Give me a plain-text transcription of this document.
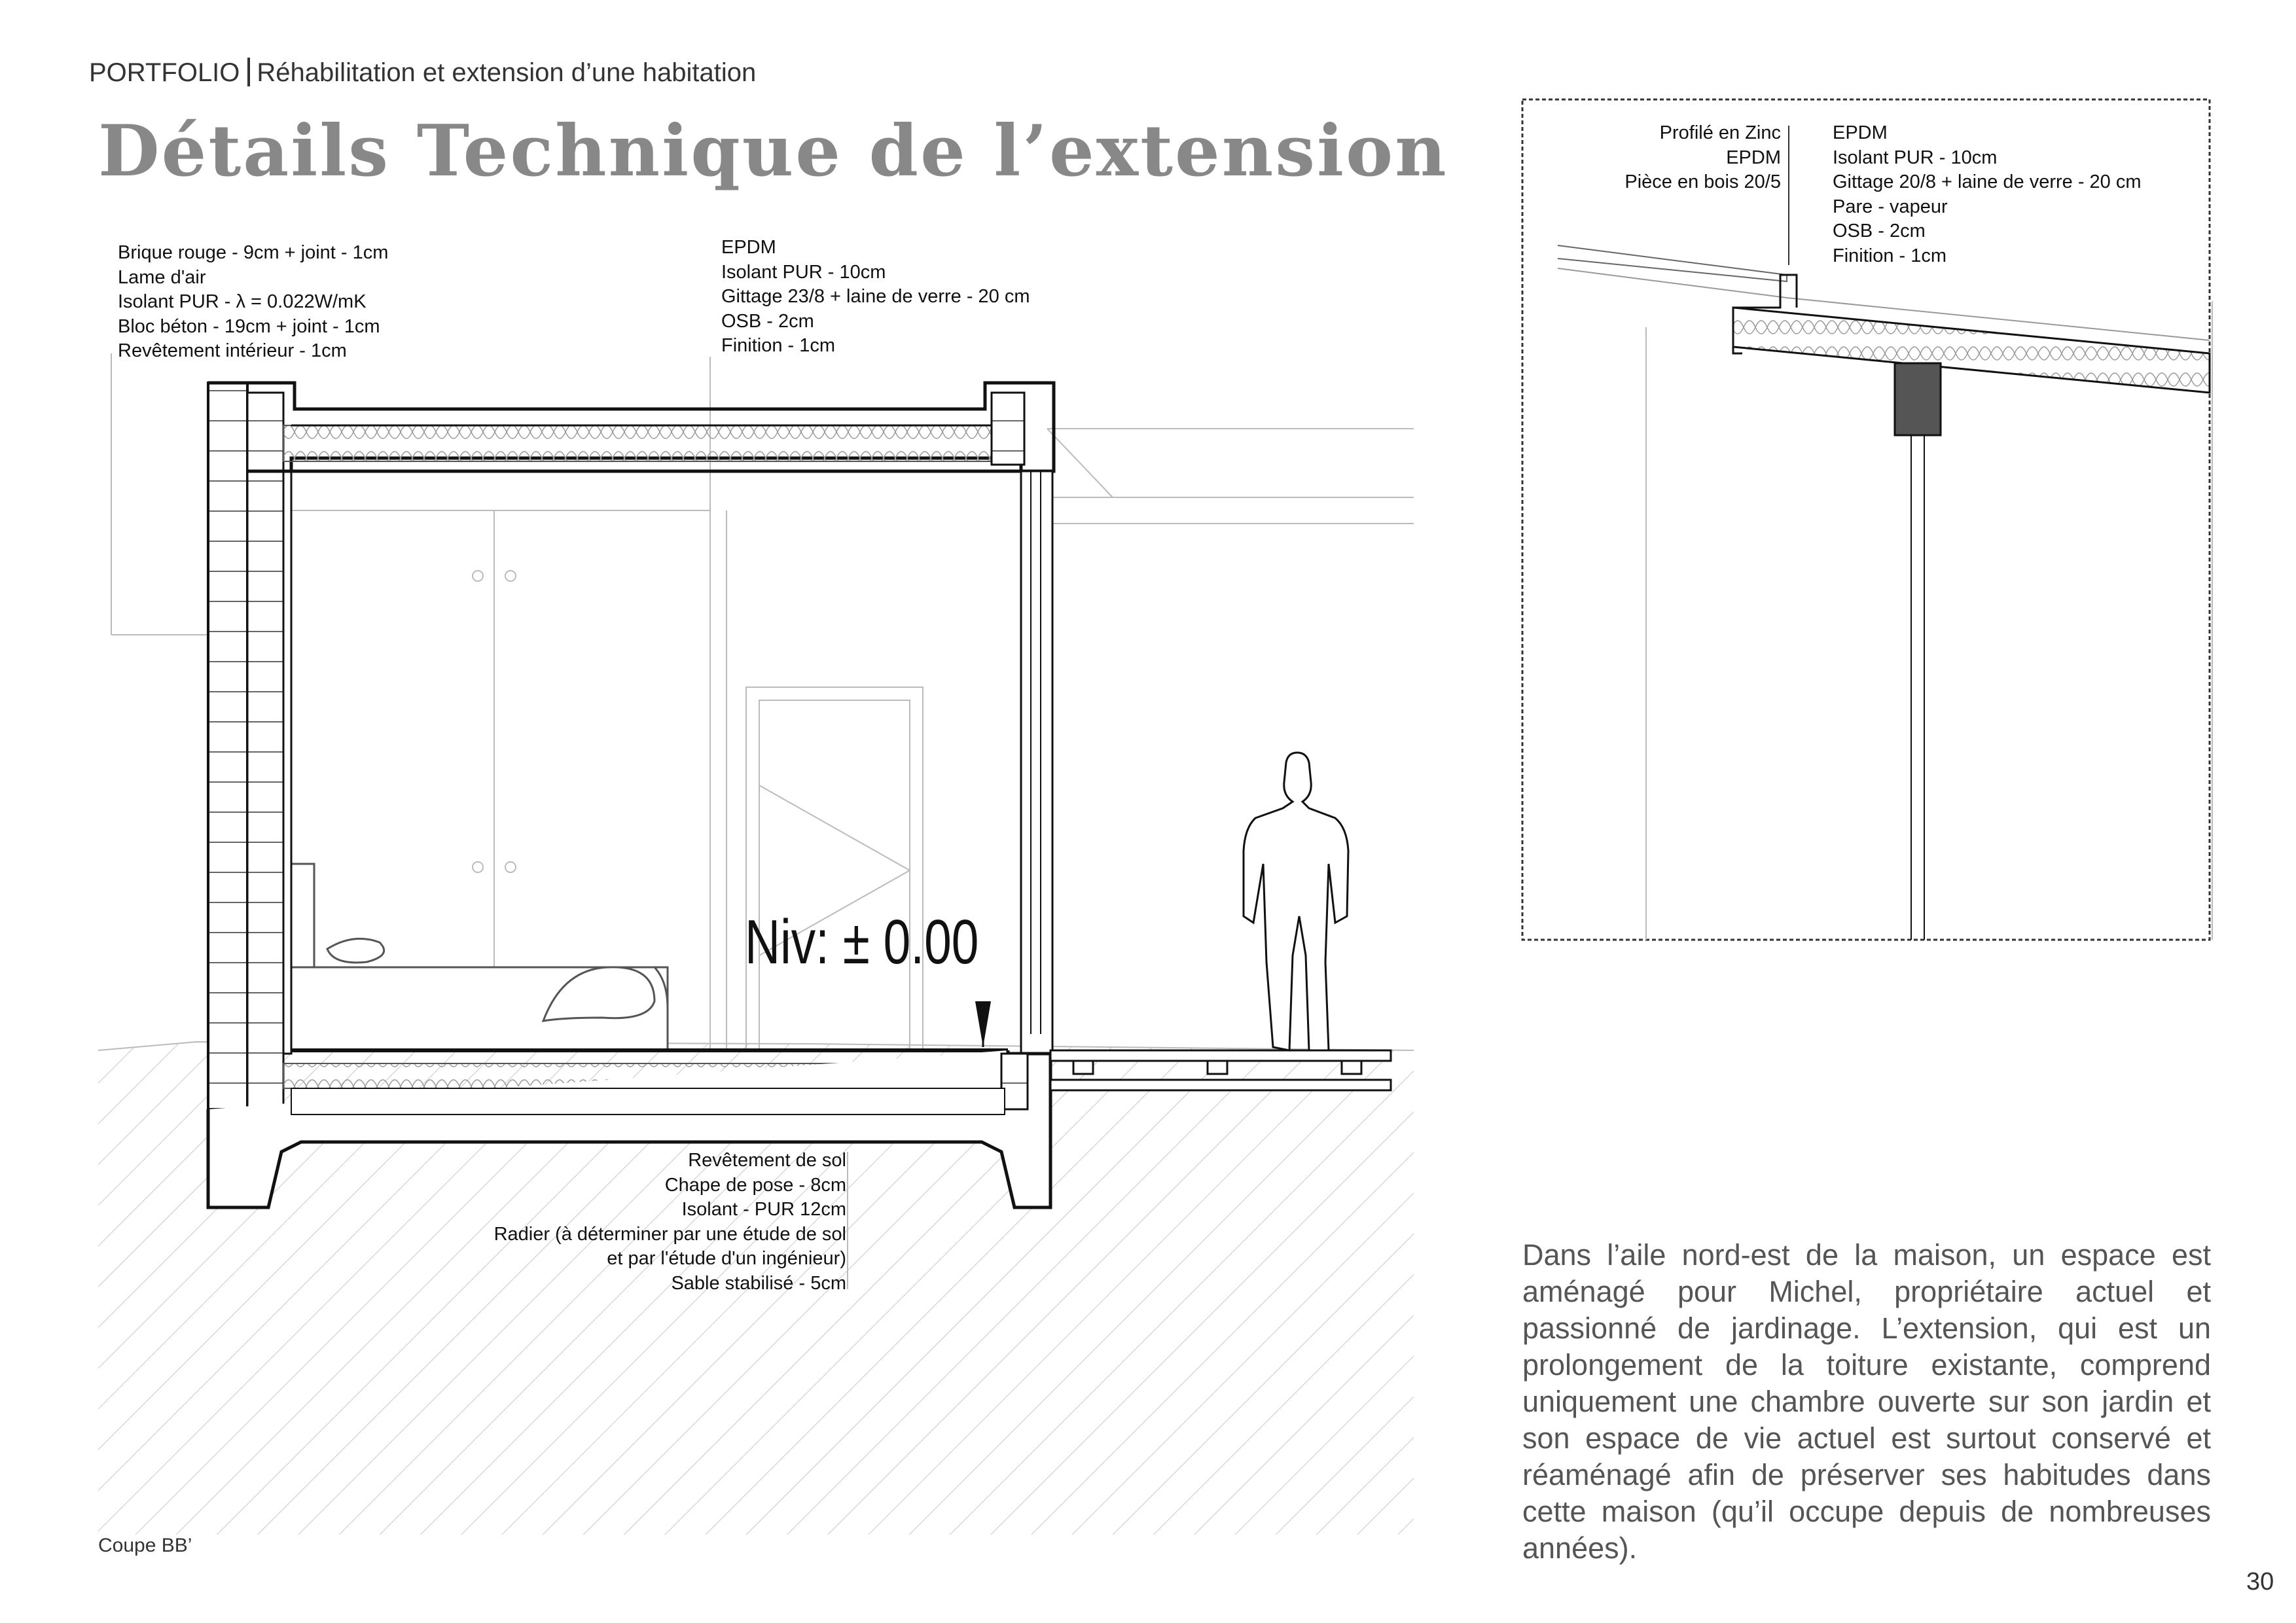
PORTFOLIO Réhabilitation et extension d’une habitation
Détails Technique de l’extension
Niv: ± 0.00
Brique rouge - 9cm + joint - 1cm
Lame d'air
Isolant PUR - λ = 0.022W/mK
Bloc béton - 19cm + joint - 1cm
Revêtement intérieur - 1cm
EPDM
Isolant PUR - 10cm
Gittage 23/8 + laine de verre - 20 cm
OSB - 2cm
Finition - 1cm
Revêtement de sol
Chape de pose - 8cm
Isolant - PUR 12cm
Radier (à déterminer par une étude de sol
et par l'étude d'un ingénieur)
Sable stabilisé - 5cm
Profilé en Zinc
EPDM
Pièce en bois 20/5
EPDM
Isolant PUR - 10cm
Gittage 20/8 + laine de verre - 20 cm
Pare - vapeur
OSB - 2cm
Finition - 1cm
Dans l’aile nord-est de la maison, un espace est aménagé pour Michel, propriétaire actuel et passionné de jardinage. L’extension, qui est un prolongement de la toiture existante, comprend uniquement une chambre ouverte sur son jardin et son espace de vie actuel est surtout conservé et réaménagé afin de préserver ses habitudes dans cette maison (qu’il occupe depuis de nombreuses années).
Coupe BB’
30
